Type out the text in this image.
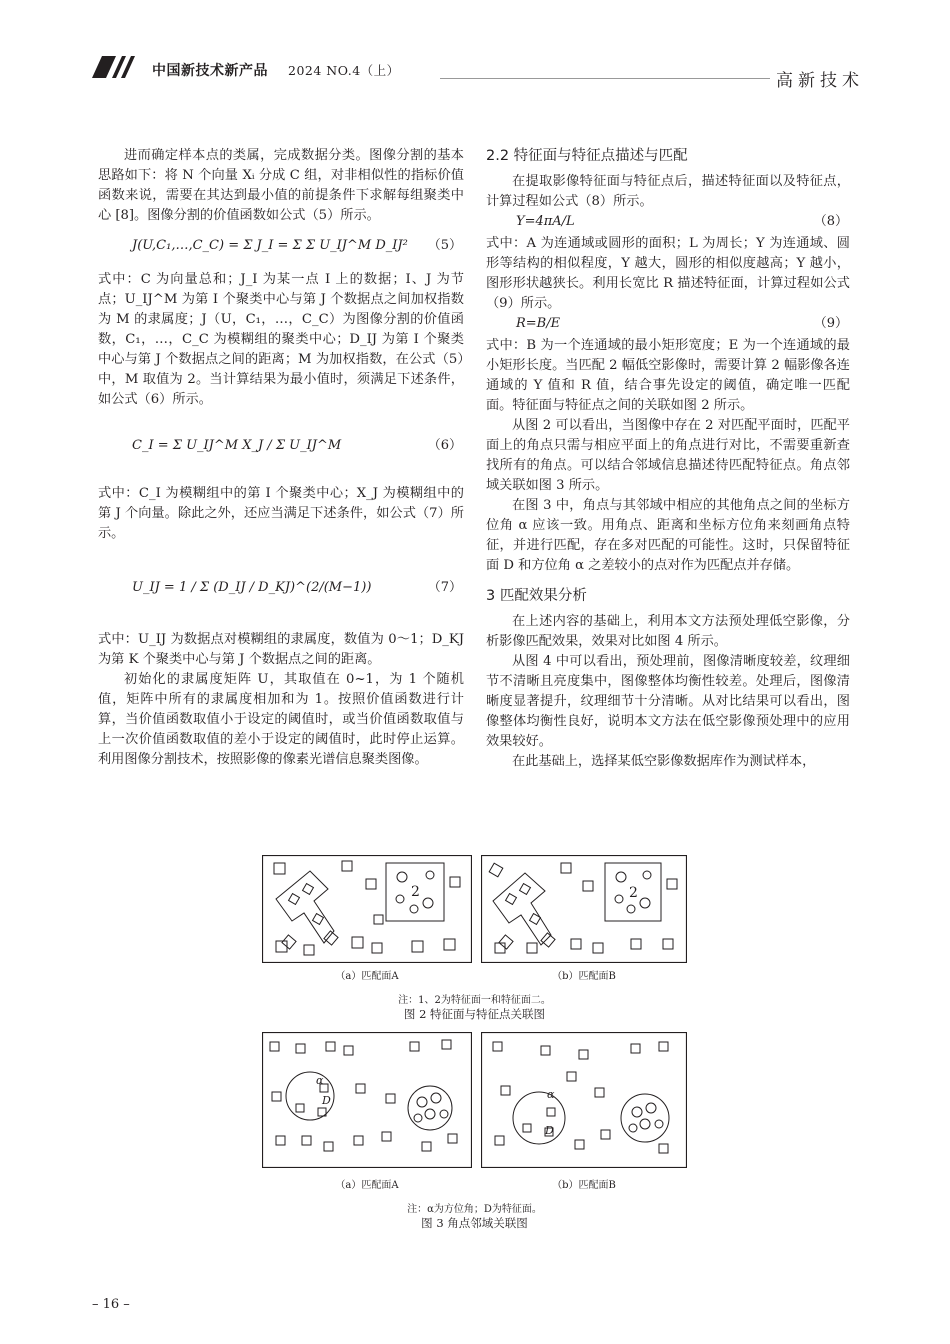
中国新技术新产品 2024 NO.4（上）
高新技术

进而确定样本点的类属，完成数据分类。图像分割的基本思路如下：将 N 个向量 Xᵢ 分成 C 组，对非相似性的指标价值函数来说，需要在其达到最小值的前提条件下求解每组聚类中心 [8]。图像分割的价值函数如公式（5）所示。

J(U,C₁,…,C_C) = Σ J_I = Σ Σ U_IJ^M D_IJ² （5）

式中：C 为向量总和；J_I 为某一点 I 上的数据；I、J 为节点；U_IJ^M 为第 I 个聚类中心与第 J 个数据点之间加权指数为 M 的隶属度；J（U，C₁，…，C_C）为图像分割的价值函数，C₁，…，C_C 为模糊组的聚类中心；D_IJ 为第 I 个聚类中心与第 J 个数据点之间的距离；M 为加权指数，在公式（5）中，M 取值为 2。当计算结果为最小值时，须满足下述条件，如公式（6）所示。

C_I = Σ U_IJ^M X_J / Σ U_IJ^M	（6）

式中：C_I 为模糊组中的第 I 个聚类中心；X_J 为模糊组中的第 J 个向量。除此之外，还应当满足下述条件，如公式（7）所示。

U_IJ = 1 / Σ (D_IJ / D_KJ)^(2/(M−1))	（7）

式中：U_IJ 为数据点对模糊组的隶属度，数值为 0～1；D_KJ 为第 K 个聚类中心与第 J 个数据点之间的距离。

初始化的隶属度矩阵 U，其取值在 0~1，为 1 个随机值，矩阵中所有的隶属度相加和为 1。按照价值函数进行计算，当价值函数取值小于设定的阈值时，或当价值函数取值与上一次价值函数取值的差小于设定的阈值时，此时停止运算。利用图像分割技术，按照影像的像素光谱信息聚类图像。

2.2 特征面与特征点描述与匹配

在提取影像特征面与特征点后，描述特征面以及特征点，计算过程如公式（8）所示。

Y=4πA/L	（8）

式中：A 为连通域或圆形的面积；L 为周长；Y 为连通域、圆形等结构的相似程度，Y 越大，圆形的相似度越高；Y 越小，图形形状越狭长。利用长宽比 R 描述特征面，计算过程如公式（9）所示。

R=B/E	（9）

式中：B 为一个连通域的最小矩形宽度；E 为一个连通域的最小矩形长度。当匹配 2 幅低空影像时，需要计算 2 幅影像各连通域的 Y 值和 R 值，结合事先设定的阈值，确定唯一匹配面。特征面与特征点之间的关联如图 2 所示。

从图 2 可以看出，当图像中存在 2 对匹配平面时，匹配平面上的角点只需与相应平面上的角点进行对比，不需要重新查找所有的角点。可以结合邻域信息描述待匹配特征点。角点邻域关联如图 3 所示。

在图 3 中，角点与其邻域中相应的其他角点之间的坐标方位角 α 应该一致。用角点、距离和坐标方位角来刻画角点特征，并进行匹配，存在多对匹配的可能性。这时，只保留特征面 D 和方位角 α 之差较小的点对作为匹配点并存储。

3 匹配效果分析

在上述内容的基础上，利用本文方法预处理低空影像，分析影像匹配效果，效果对比如图 4 所示。

从图 4 中可以看出，预处理前，图像清晰度较差，纹理细节不清晰且亮度集中，图像整体均衡性较差。处理后，图像清晰度显著提升，纹理细节十分清晰。从对比结果可以看出，图像整体均衡性良好，说明本文方法在低空影像预处理中的应用效果较好。

在此基础上，选择某低空影像数据库作为测试样本，

2	2
（a）匹配面A	（b）匹配面B
注：1、2为特征面一和特征面二。
图 2 特征面与特征点关联图
α
D	α
D
（a）匹配面A	（b）匹配面B
注：α为方位角；D为特征面。
图 3 角点邻域关联图
– 16 –
